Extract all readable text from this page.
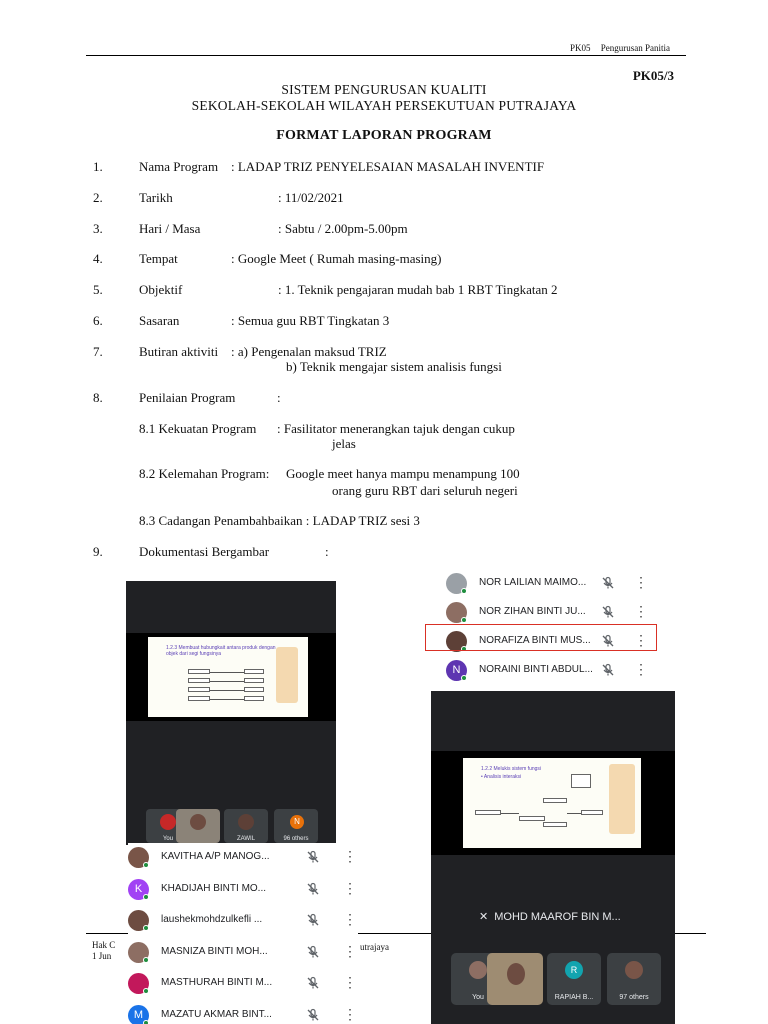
PK05 Pengurusan Panitia
PK05/3
SISTEM PENGURUSAN KUALITI
SEKOLAH-SEKOLAH WILAYAH PERSEKUTUAN PUTRAJAYA
FORMAT LAPORAN PROGRAM
1.	Nama Program : LADAP TRIZ PENYELESAIAN MASALAH INVENTIF
2.	Tarikh	: 11/02/2021
3.	Hari / Masa	: Sabtu / 2.00pm-5.00pm
4.	Tempat	: Google Meet ( Rumah masing-masing)
5.	Objektif	: 1. Teknik pengajaran mudah bab 1 RBT Tingkatan 2
6.	Sasaran	: Semua guu RBT Tingkatan 3
7.	Butiran aktiviti : a) Pengenalan maksud TRIZ
b) Teknik mengajar sistem analisis fungsi
8.	Penilaian Program	:
8.1 Kekuatan Program : Fasilitator menerangkan tajuk dengan cukup
jelas
8.2 Kelemahan Program: Google meet hanya mampu menampung 100
orang guru RBT dari seluruh negeri
8.3 Cadangan Penambahbaikan : LADAP TRIZ sesi 3
9.	Dokumentasi Bergambar	:
Hak C
1 Jun
utrajaya
1.2.3 Membuat hubungkait antara produk dengan objek dari segi fungsinya
You	ZAWIL
N
96 others
NOR LAILIAN MAIMO...	⋮
NOR ZIHAN BINTI JU...	⋮
NORAFIZA BINTI MUS...	⋮
N	NORAINI BINTI ABDUL...	⋮
KAVITHA A/P MANOG...	⋮
K	KHADIJAH BINTI MO...	⋮
laushekmohdzulkefli ...	⋮
MASNIZA BINTI MOH...	⋮
MASTHURAH BINTI M...	⋮
M	MAZATU AKMAR BINT...	⋮
1.2.2 Melukis sistem fungsi
• Analisis interaksi
✕ MOHD MAAROF BIN M...
You
R
RAPIAH B...	97 others
